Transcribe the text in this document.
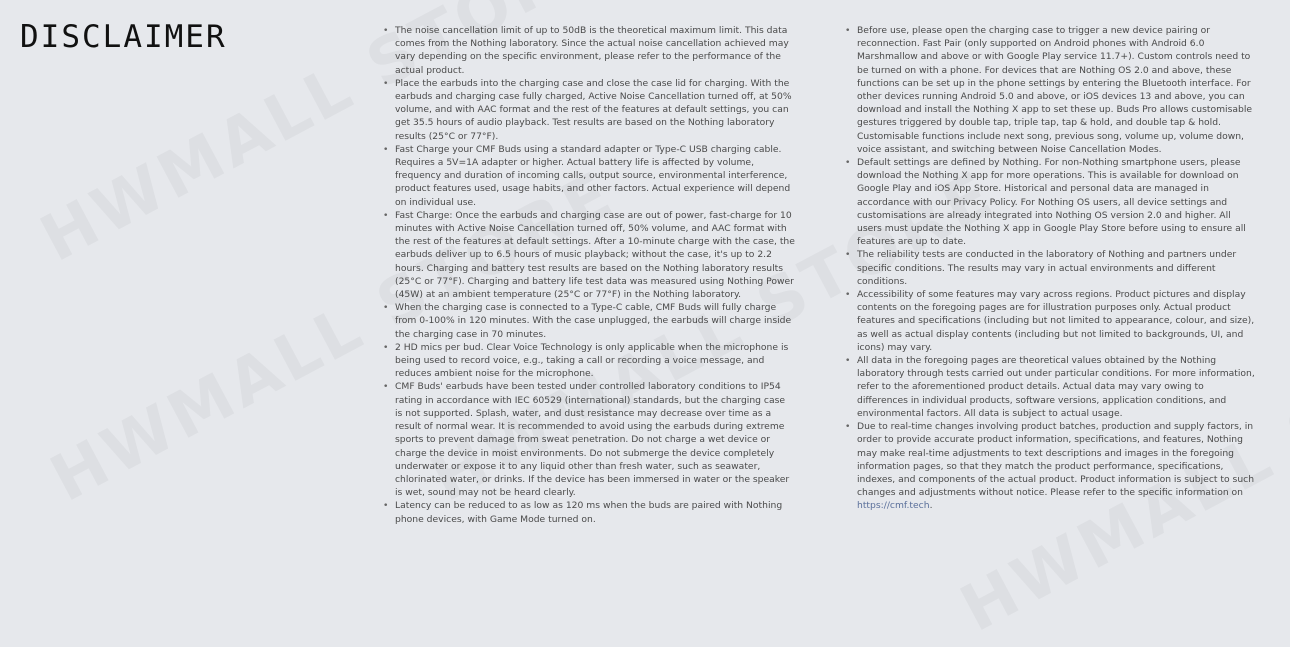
DISCLAIMER	• The noise cancellation limit of up to 50dB is the theoretical maximum limit. This data comes from the Nothing laboratory. Since the actual noise cancellation achieved may vary depending on the specific environment, please refer to the performance of the actual product.
• Place the earbuds into the charging case and close the case lid for charging. With the earbuds and charging case fully charged, Active Noise Cancellation turned off, at 50% volume, and with AAC format and the rest of the features at default settings, you can get 35.5 hours of audio playback. Test results are based on the Nothing laboratory results (25°C or 77°F).
• Fast Charge your CMF Buds using a standard adapter or Type-C USB charging cable. Requires a 5V=1A adapter or higher. Actual battery life is affected by volume, frequency and duration of incoming calls, output source, environmental interference, product features used, usage habits, and other factors. Actual experience will depend on individual use.
• Fast Charge: Once the earbuds and charging case are out of power, fast-charge for 10 minutes with Active Noise Cancellation turned off, 50% volume, and AAC format with the rest of the features at default settings. After a 10-minute charge with the case, the earbuds deliver up to 6.5 hours of music playback; without the case, it's up to 2.2 hours. Charging and battery test results are based on the Nothing laboratory results (25°C or 77°F). Charging and battery life test data was measured using Nothing Power (45W) at an ambient temperature (25°C or 77°F) in the Nothing laboratory.
• When the charging case is connected to a Type-C cable, CMF Buds will fully charge from 0-100% in 120 minutes. With the case unplugged, the earbuds will charge inside the charging case in 70 minutes.
• 2 HD mics per bud. Clear Voice Technology is only applicable when the microphone is being used to record voice, e.g., taking a call or recording a voice message, and reduces ambient noise for the microphone.
• CMF Buds' earbuds have been tested under controlled laboratory conditions to IP54 rating in accordance with IEC 60529 (international) standards, but the charging case is not supported. Splash, water, and dust resistance may decrease over time as a result of normal wear. It is recommended to avoid using the earbuds during extreme sports to prevent damage from sweat penetration. Do not charge a wet device or charge the device in moist environments. Do not submerge the device completely underwater or expose it to any liquid other than fresh water, such as seawater, chlorinated water, or drinks. If the device has been immersed in water or the speaker is wet, sound may not be heard clearly.
• Latency can be reduced to as low as 120 ms when the buds are paired with Nothing phone devices, with Game Mode turned on.
• Before use, please open the charging case to trigger a new device pairing or reconnection. Fast Pair (only supported on Android phones with Android 6.0 Marshmallow and above or with Google Play service 11.7+). Custom controls need to be turned on with a phone. For devices that are Nothing OS 2.0 and above, these functions can be set up in the phone settings by entering the Bluetooth interface. For other devices running Android 5.0 and above, or iOS devices 13 and above, you can download and install the Nothing X app to set these up. Buds Pro allows customisable gestures triggered by double tap, triple tap, tap & hold, and double tap & hold. Customisable functions include next song, previous song, volume up, volume down, voice assistant, and switching between Noise Cancellation Modes.
• Default settings are defined by Nothing. For non-Nothing smartphone users, please download the Nothing X app for more operations. This is available for download on Google Play and iOS App Store. Historical and personal data are managed in accordance with our Privacy Policy. For Nothing OS users, all device settings and customisations are already integrated into Nothing OS version 2.0 and higher. All users must update the Nothing X app in Google Play Store before using to ensure all features are up to date.
• The reliability tests are conducted in the laboratory of Nothing and partners under specific conditions. The results may vary in actual environments and different conditions.
• Accessibility of some features may vary across regions. Product pictures and display contents on the foregoing pages are for illustration purposes only. Actual product features and specifications (including but not limited to appearance, colour, and size), as well as actual display contents (including but not limited to backgrounds, UI, and icons) may vary.
• All data in the foregoing pages are theoretical values obtained by the Nothing laboratory through tests carried out under particular conditions. For more information, refer to the aforementioned product details. Actual data may vary owing to differences in individual products, software versions, application conditions, and environmental factors. All data is subject to actual usage.
• Due to real-time changes involving product batches, production and supply factors, in order to provide accurate product information, specifications, and features, Nothing may make real-time adjustments to text descriptions and images in the foregoing information pages, so that they match the product performance, specifications, indexes, and components of the actual product. Product information is subject to such changes and adjustments without notice. Please refer to the specific information on https://cmf.tech.
